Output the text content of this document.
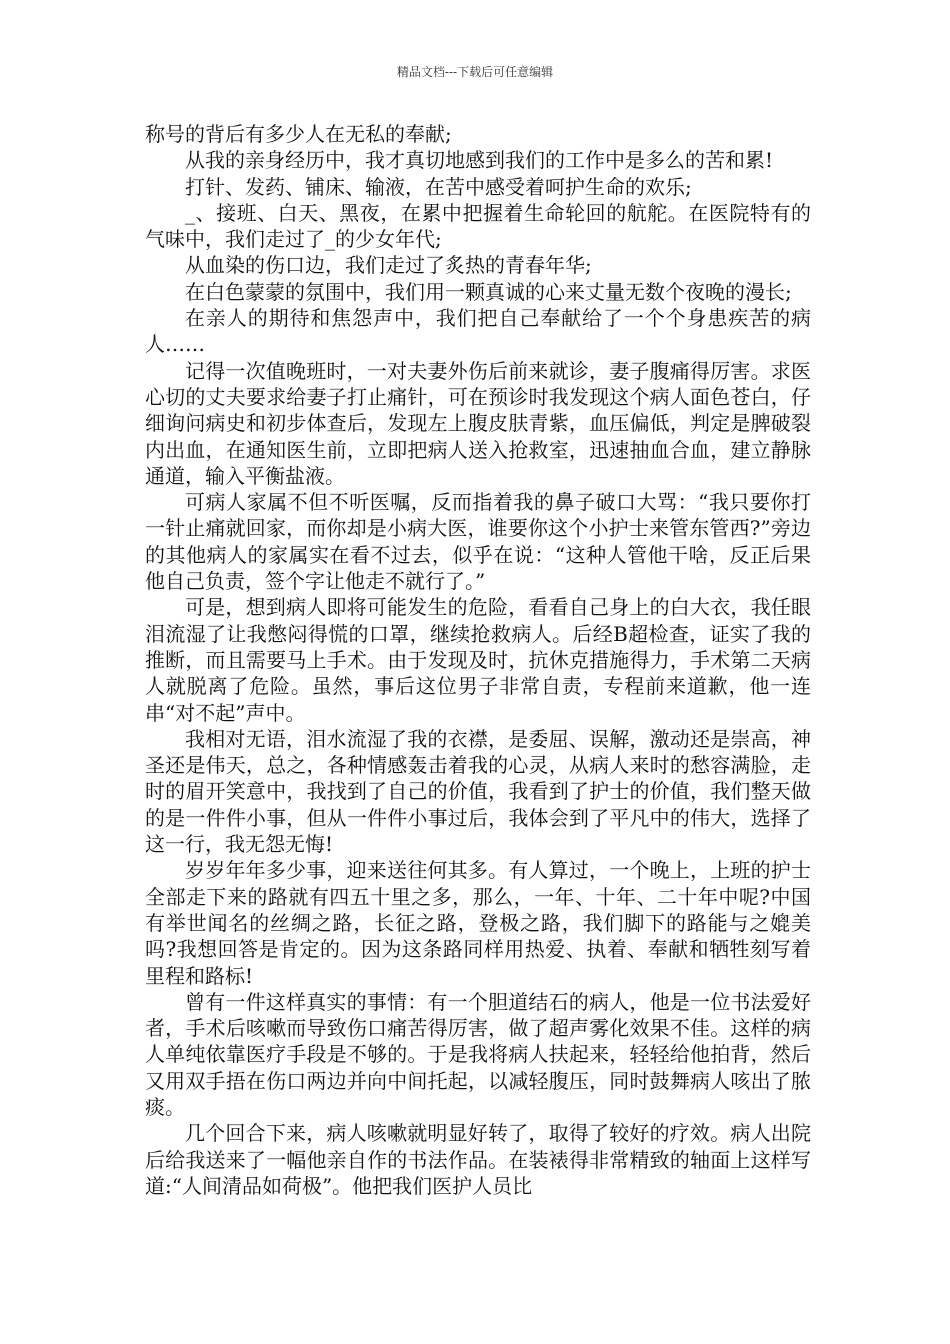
精品文档---下载后可任意编辑

称号的背后有多少人在无私的奉献;

从我的亲身经历中，我才真切地感到我们的工作中是多么的苦和累!

打针、发药、铺床、输液，在苦中感受着呵护生命的欢乐;

_、接班、白天、黑夜，在累中把握着生命轮回的航舵。在医院特有的气味中，我们走过了_的少女年代;

从血染的伤口边，我们走过了炙热的青春年华;

在白色蒙蒙的氛围中，我们用一颗真诚的心来丈量无数个夜晚的漫长;

在亲人的期待和焦怨声中，我们把自己奉献给了一个个身患疾苦的病人……

记得一次值晚班时，一对夫妻外伤后前来就诊，妻子腹痛得厉害。求医心切的丈夫要求给妻子打止痛针，可在预诊时我发现这个病人面色苍白，仔细询问病史和初步体查后，发现左上腹皮肤青紫，血压偏低，判定是脾破裂内出血，在通知医生前，立即把病人送入抢救室，迅速抽血合血，建立静脉通道，输入平衡盐液。

可病人家属不但不听医嘱，反而指着我的鼻子破口大骂：“我只要你打一针止痛就回家，而你却是小病大医，谁要你这个小护士来管东管西?”旁边的其他病人的家属实在看不过去，似乎在说：“这种人管他干啥，反正后果他自己负责，签个字让他走不就行了。”

可是，想到病人即将可能发生的危险，看看自己身上的白大衣，我任眼泪流湿了让我憋闷得慌的口罩，继续抢救病人。后经B超检查，证实了我的推断，而且需要马上手术。由于发现及时，抗休克措施得力，手术第二天病人就脱离了危险。虽然，事后这位男子非常自责，专程前来道歉，他一连串“对不起”声中。

我相对无语，泪水流湿了我的衣襟，是委屈、误解，激动还是崇高，神圣还是伟天，总之，各种情感轰击着我的心灵，从病人来时的愁容满脸，走时的眉开笑意中，我找到了自己的价值，我看到了护士的价值，我们整天做的是一件件小事，但从一件件小事过后，我体会到了平凡中的伟大，选择了这一行，我无怨无悔!

岁岁年年多少事，迎来送往何其多。有人算过，一个晚上，上班的护士全部走下来的路就有四五十里之多，那么，一年、十年、二十年中呢?中国有举世闻名的丝绸之路，长征之路，登极之路，我们脚下的路能与之媲美吗?我想回答是肯定的。因为这条路同样用热爱、执着、奉献和牺牲刻写着里程和路标!

曾有一件这样真实的事情：有一个胆道结石的病人，他是一位书法爱好者，手术后咳嗽而导致伤口痛苦得厉害，做了超声雾化效果不佳。这样的病人单纯依靠医疗手段是不够的。于是我将病人扶起来，轻轻给他拍背，然后又用双手捂在伤口两边并向中间托起，以减轻腹压，同时鼓舞病人咳出了脓痰。

几个回合下来，病人咳嗽就明显好转了，取得了较好的疗效。病人出院后给我送来了一幅他亲自作的书法作品。在装裱得非常精致的轴面上这样写道:“人间清品如荷极”。他把我们医护人员比
